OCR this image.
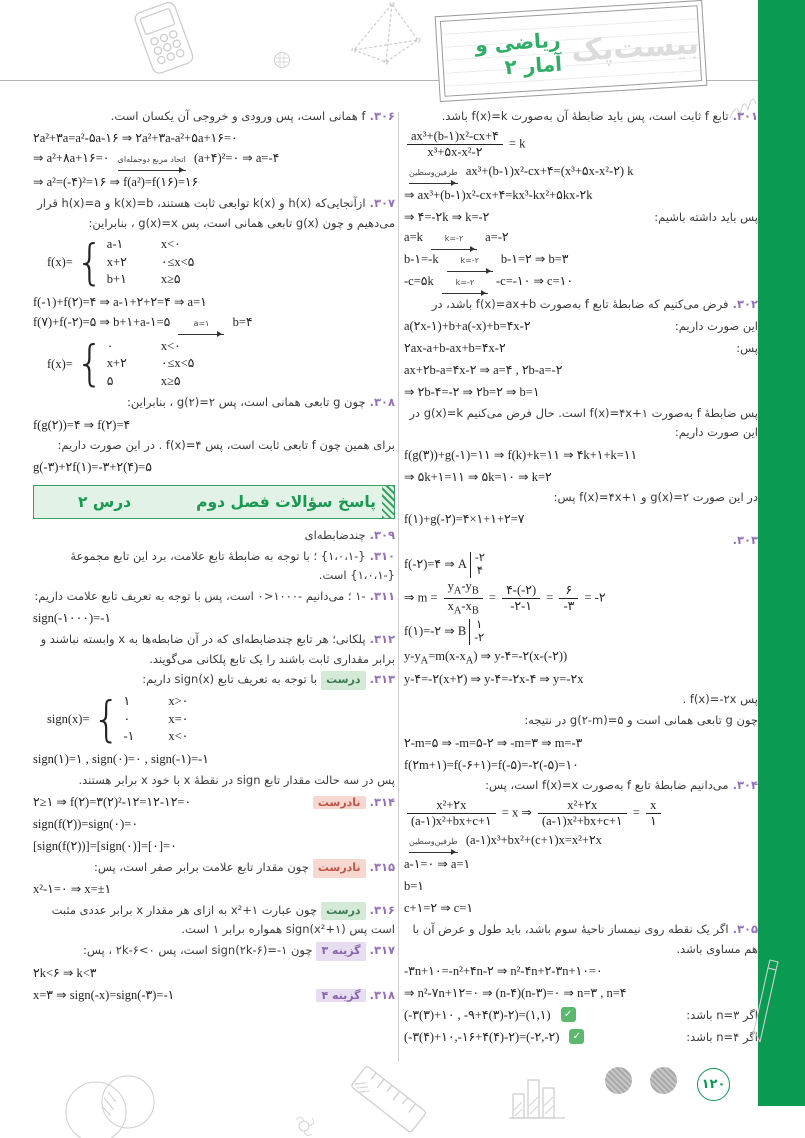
بیست‌پک
ریاضی و آمار ۲
۳۰۱.تابع f ثابت است، پس باید ضابطهٔ آن به‌صورت f(x)=k باشد.
$\frac{\text{ax³+(b-۱)x²-cx+۴}}{\text{x³+۵x-x²-۲}} = k$
طرفین‌وسطین ax³+(b-۱)x²-cx+۴=(x³+۵x-x²-۲) k
⇒ ax³+(b-۱)x²-cx+۴=kx³-kx²+۵kx-۲k
⇒ ۴=-۲k ⇒ k=-۲	پس باید داشته باشیم:
a=k k=-۲ a=-۲
b-۱=-k k=-۲ b-۱=۲ ⇒ b=۳
-c=۵k k=-۲ -c=-۱۰ ⇒ c=۱۰
۳۰۲.فرض می‌کنیم که ضابطهٔ تابع f به‌صورت f(x)=ax+b باشد، در
a(۲x-۱)+b+a(-x)+b=۴x-۲	این صورت داریم:
۲ax-a+b-ax+b=۴x-۲	پس:
ax+۲b-a=۴x-۲ ⇒ a=۴ , ۲b-a=-۲
⇒ ۲b-۴=-۲ ⇒ ۲b=۲ ⇒ b=۱
پس ضابطهٔ f به‌صورت f(x)=۴x+۱ است. حال فرض می‌کنیم g(x)=k در این صورت داریم:
f(g(۳))+g(-۱)=۱۱ ⇒ f(k)+k=۱۱ ⇒ ۴k+۱+k=۱۱
⇒ ۵k+۱=۱۱ ⇒ ۵k=۱۰ ⇒ k=۲
در این صورت g(x)=۲ و f(x)=۴x+۱ پس:
f(۱)+g(-۲)=۴×۱+۱+۲=۷
۳۰۳.
f(-۲)=۴ ⇒ A -۲
۴
⇒ $m = \frac{y_A-y_B}{x_A-x_B}$ =
۴-(-۲)
-۲-۱
=
۶
-۳
= -۲
f(۱)=-۲ ⇒ B ۱
-۲
$y-y_A=m(x-x_A)$ ⇒ y-۴=-۲(x-(-۲))
y-۴=-۲(x+۲) ⇒ y-۴=-۲x-۴ ⇒ y=-۲x
پس f(x)=-۲x .
چون g تابعی همانی است و g(۲-m)=۵ در نتیجه:
۲-m=۵ ⇒ -m=۵-۲ ⇒ -m=۳ ⇒ m=-۳
f(۲m+۱)=f(-۶+۱)=f(-۵)=-۲(-۵)=۱۰
۳۰۴.می‌دانیم ضابطهٔ تابع f به‌صورت f(x)=x است، پس:
$\frac{\text{x²+۲x}}{\text{(a-۱)x²+bx+c+۱}} = x$ ⇒ $\frac{\text{x²+۲x}}{\text{(a-۱)x²+bx+c+۱}}$ =
x
۱
طرفین‌وسطین (a-۱)x³+bx²+(c+۱)x=x²+۲x
a-۱=۰ ⇒ a=۱
b=۱
c+۱=۲ ⇒ c=۱
۳۰۵.اگر یک نقطه روی نیمساز ناحیهٔ سوم باشد، باید طول و عرض آن با هم مساوی باشد.
-۳n+۱۰=-n²+۴n-۲ ⇒ n²-۴n+۲-۳n+۱۰=۰
⇒ n²-۷n+۱۲=۰ ⇒ (n-۴)(n-۳)=۰ ⇒ n=۳ , n=۴
(-۳(۳)+۱۰ , -۹+۴(۳)-۲)=(۱,۱)	✓	اگر n=۳ باشد:
(-۳(۴)+۱۰,-۱۶+۴(۴)-۲)=(-۲,-۲)	✓	اگر n=۴ باشد:
۳۰۶.f همانی است، پس ورودی و خروجی آن یکسان است.
۲a²+۳a=a²-۵a-۱۶ ⇒ ۲a²+۳a-a²+۵a+۱۶=۰
⇒ a²+۸a+۱۶=۰ اتحاد مربع دوجمله‌ای (a+۴)²=۰ ⇒ a=-۴
⇒ a²=(-۴)²=۱۶ ⇒ f(a²)=f(۱۶)=۱۶
۳۰۷.ازآنجایی‌که h(x) و k(x) توابعی ثابت هستند، k(x)=b و h(x)=a قرار می‌دهیم و چون g(x) تابعی همانی است، پس g(x)=x ، بنابراین:
f(x)= { a-۱	x<۰
x+۲	۰≤x<۵
b+۱	x≥۵
f(-۱)+f(۲)=۴ ⇒ a-۱+۲+۲=۴ ⇒ a=۱
f(۷)+f(-۲)=۵ ⇒ b+۱+a-۱=۵	a=۱ b=۴
f(x)= { ۰	x<۰
x+۲	۰≤x<۵
۵	x≥۵
۳۰۸.چون g تابعی همانی است، پس g(۲)=۲ ، بنابراین:
f(g(۲))=۴ ⇒ f(۲)=۴
برای همین چون f تابعی ثابت است، پس f(x)=۴ . در این صورت داریم:
g(-۳)+۲f(۱)=-۳+۲(۴)=۵
پاسخ سؤالات فصل دوم
درس ۲
۳۰۹.چندضابطه‌ای
۳۱۰.{-۱،۰،۱} ؛ با توجه به ضابطهٔ تابع علامت، برد این تابع مجموعهٔ {-۱،۰،۱} است.
۳۱۱.-۱ ؛ می‌دانیم -۱۰۰۰<۰ است، پس با توجه به تعریف تابع علامت داریم:
sign(-۱۰۰۰)=-۱
۳۱۲.پلکانی؛ هر تابع چندضابطه‌ای که در آن ضابطه‌ها به x وابسته نباشند و برابر مقداری ثابت باشند را یک تابع پلکانی می‌گویند.
۳۱۳.درستبا توجه به تعریف تابع sign(x) داریم:
sign(x)= { ۱	x>۰
۰	x=۰
-۱	x<۰
sign(۱)=۱ , sign(۰)=۰ , sign(-۱)=-۱
پس در سه حالت مقدار تابع sign در نقطهٔ x با خود x برابر هستند.
۲≥۱ ⇒ f(۲)=۳(۲)²-۱۲=۱۲-۱۲=۰	۳۱۴.نادرست
sign(f(۲))=sign(۰)=۰
[sign(f(۲))]=[sign(۰)]=[۰]=۰
۳۱۵.نادرستچون مقدار تابع علامت برابر صفر است، پس:
x²-۱=۰ ⇒ x=±۱
۳۱۶.درستچون عبارت x²+۱ به ازای هر مقدار x برابر عددی مثبت است پس sign(x²+۱) همواره برابر ۱ است.
۳۱۷.گزینه ۳چون sign(۲k-۶)=-۱ است، پس ۲k-۶<۰ ، پس:
۲k<۶ ⇒ k<۳
x=۳ ⇒ sign(-x)=sign(-۳)=-۱	۳۱۸.گزینه ۴
۱۲۰
